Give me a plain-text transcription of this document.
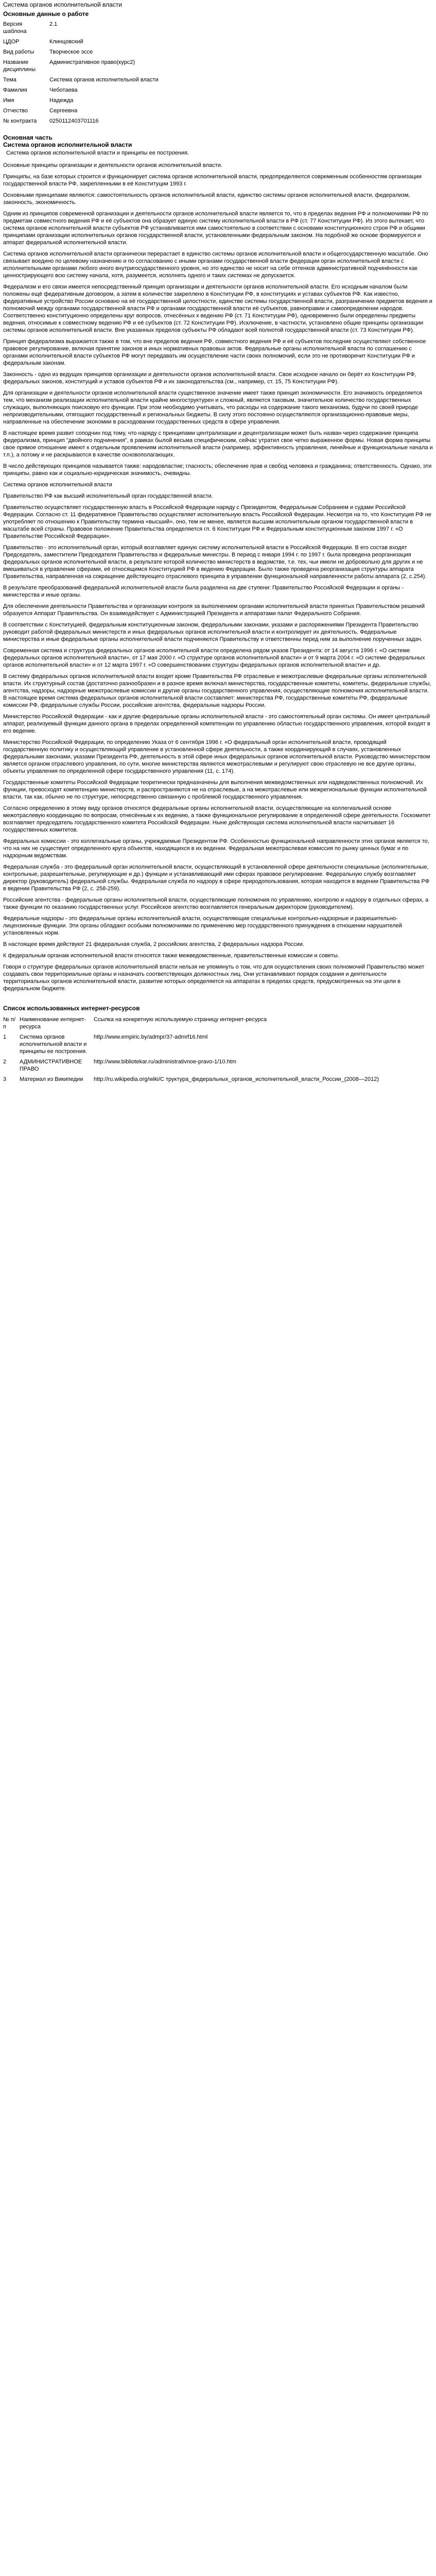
Система органов исполнительной власти
Основные данные о работе
Версия шаблона	2.1
ЦДОР	Клинцовский
Вид работы	Творческое эссе
Название дисциплины	Административное право(курс2)
Тема	Система органов исполнительной власти
Фамилия	Чеботаева
Имя	Надежда
Отчество	Сергеевна
№ контракта	0250112403701116
Основная часть
Система органов исполнительной власти
Система органов исполнительной власти и принципы ее построения.
Основные принципы организации и деятельности органов исполнительной власти.
Принципы, на базе которых строится и функционирует система органов исполнительной власти, предопределяются современным особенностям организации государственной власти РФ, закрепленными в её Конституции 1993 г.
Основными принципами являются: самостоятельность органов исполнительной власти, единство системы органов исполнительной власти, федерализм, законность, экономичность.
Одним из принципов современной организации и деятельности органов исполнительной власти является то, что в пределах ведения РФ и полномочиями РФ по предметам совместного ведения РФ и её субъектов она образует единую систему исполнительной власти в РФ (ст. 77 Конституции РФ). Из этого вытекает, что система органов исполнительной власти субъектов РФ устанавливается ими самостоятельно в соответствии с основами конституционного строя РФ и общими принципами организации исполнительных органов государственной власти, установленными федеральным законом. На подобной же основе формируются и аппарат федеральной исполнительной власти.
Система органов исполнительной власти органически перерастает в единство системы органов исполнительной власти и общегосударственную масштабе. Оно связывает воедино по целевому назначению и по согласованию с иными органами государственной власти федерации орган исполнительной власти с исполнительными органами любого иного внутригосударственного уровня, но это единство не носит на себе оттенков административной подчинённости как ценнострирующего всю систему начала, хотя, разумеется, исполнять одного и таких системах не допускается.
Федерализм и его связи имеется непосредственный принцип организации и деятельности органов исполнительной власти. Его исходным началом были положены ещё федеративным договором, а затем в количестве закреплено в Конституции РФ, в конституциях и уставах субъектов РФ. Как известно, федеративные устройство России основано на её государственной целостности, единстве системы государственной власти, разграничении предметов ведения и полномочий между органами государственной власти РФ и органами государственной власти её субъектов, равноправии и самоопределении народов. Соответственно конституционно определены круг вопросов, отнесённых к ведению РФ (ст. 71 Конституции РФ), одновременно были определены предметы ведения, относимые к совместному ведению РФ и её субъектов (ст. 72 Конституции РФ). Исключение, в частности, установлено общие принципы организации системы органов исполнительной власти. Вне указанных пределов субъекты РФ обладают всей полнотой государственной власти (ст. 73 Конституции РФ).
Принцип федерализма выражается также в том, что вне пределов ведения РФ, совместного ведения РФ и её субъектов последние осуществляют собственное правовое регулирование, включая принятие законов и иных нормативных правовых актов. Федеральные органы исполнительной власти по соглашению с органами исполнительной власти субъектов РФ могут передавать им осуществление части своих полномочий, если это не противоречит Конституции РФ и федеральным законам.
Законность - одно из ведущих принципов организации и деятельности органов исполнительной власти. Свое исходное начало он берёт из Конституции РФ, федеральных законов, конституций и уставов субъектов РФ и их законодательства (см., например, ст. 15, 75 Конституции РФ).
Для организации и деятельности органов исполнительной власти существенное значение имеет также принцип экономичности. Его значимость определяется тем, что механизм реализации исполнительной власти крайне многоструктурен и сложный, является таковым, значительное количество государственных служащих, выполняющих поисковую его функции. При этом необходимо учитывать, что расходы на содержание такого механизма, будучи по своей природе непроизводительными, отягощают государственный и региональных бюджеты. В силу этого постоянно осуществляются организационно-правовые меры, направленные на обеспечение экономии в расходовании государственных средств в сфере управления.
В настоящее время развит соподчин под тому, что наряду с принципами централизации и децентрализации может быть назван через содержание принципа федерализма, принцип "двойного подчинения", в рамках былой весьма специфическим, сейчас утратил свое четко выраженное формы. Новая форма принципы свое прямое отношение имеют к отдельным проявлениям исполнительной власти (например, эффективность управления, линейные и функциональные начала и т.п.), а потому и не раскрываются в качестве основополагающих.
В число действующих принципов называется также: народовластие; гласность; обеспечение прав и свобод человека и гражданина; ответственность. Однако, эти принципы, равно как и социально-юридическая значимость, очевидны.
Система органов исполнительной власти
Правительство РФ как высший исполнительный орган государственной власти.
Правительство осуществляет государственную власть в Российской Федерации наряду с Президентом, Федеральным Собранием и судами Российской Федерации. Согласно ст. 11 федеративное Правительство осуществляет исполнительную власть Российской Федерации. Несмотря на то, что Конституция РФ не употребляет по отношению к Правительству термина «высший», оно, тем не менее, является высшим исполнительным органом государственной власти в масштабе всей страны. Правовое положение Правительства определяется гл. 6 Конституции РФ и Федеральным конституционным законом 1997 г. «О Правительстве Российской Федерации».
Правительство - это исполнительный орган, который возглавляет единую систему исполнительной власти в Российской Федерации. В его состав входят Председатель, заместители Председателя Правительства и федеральные министры. В период с января 1994 г. по 1997 г. была проведена реорганизация федеральных органов исполнительной власти, в результате которой количество министерств в ведомстве, т.е. тех, чьи имели не добровольно для других и не вмешиваться в управление сферами, её относящимся Конституцией РФ в ведению Федерации. Было также проведена реорганизация структуры аппарата Правительства, направленная на сокращение действующего отраслевого принципа в управлении функциональной направленности работы аппарата (2, с.254).
В результате преобразований федеральной исполнительной власти была разделена на две ступени: Правительство Российской Федерации и органы - министерства и иные органы.
Для обеспечения деятельности Правительства и организации контроля за выполнением органами исполнительной власти принятых Правительством решений образуется Аппарат Правительства. Он взаимодействует с Администрацией Президента и аппаратами палат Федерального Собрания.
В соответствии с Конституцией, федеральным конституционным законом, федеральными законами, указами и распоряжениями Президента Правительство руководит работой федеральных министерств и иных федеральных органов исполнительной власти и контролирует их деятельность. Федеральные министерства и иные федеральные органы исполнительной власти подчиняются Правительству и ответственны перед ним за выполнение порученных задач.
Современная система и структура федеральных органов исполнительной власти определена рядом указов Президента: от 14 августа 1996 г. «О системе федеральных органов исполнительной власти», от 17 мая 2000 г. «О структуре органов исполнительной власти» и от 9 марта 2004 г. «О системе федеральных органов исполнительной власти» и от 12 марта 1997 г. «О совершенствовании структуры федеральных органов исполнительной власти» и др.
В систему федеральных органов исполнительной власти входят кроме Правительства РФ отраслевые и межотраслевые федеральные органы исполнительной власти. Их структурный состав (достаточно разнообразен и в разное время включал министерства, государственные комитеты, комитеты, федеральные службы, агентства, надзоры, надзорные межотраслевые комиссии и другие органы государственного управления, осуществляющие полномочия исполнительной власти. В настоящее время система федеральных органов исполнительной власти составляет: министерства РФ, государственные комитеты РФ, федеральные комиссии РФ, федеральные службы России, российские агентства, федеральные надзоры России.
Министерство Российской Федерации - как и другие федеральные органы исполнительной власти - это самостоятельный орган системы. Он имеет центральный аппарат, реализуемый функции данного органа в пределах определенной компетенции по управлению областью государственного управления, которой входят в его ведение.
Министерство Российской Федерации, по определению Указа от 6 сентября 1996 г. «О федеральный орган исполнительной власти, проводящий государственную политику и осуществляющий управление в установленной сфере деятельности, а также координирующий в случаях, установленных федеральными законами, указами Президента РФ, деятельность в этой сфере иных федеральных органов исполнительной власти. Руководство министерством является органом отраслевого управления, по сути, многие министерства являются межотраслевыми и регулируют свою отраслевую не все другие органы, объекты управления по определенной сфере государственного управления (11, с. 174).
Государственные комитеты Российской Федерации теоретически предназначены для выполнения межведомственных или надведомственных полномочий. Их функции, превосходят компетенцию министерств, и распространяются не на отраслевые, а на межотраслевые или межрегиональные функции исполнительной власти, так как, обычно не по структуре, непосредственно связанную с проблемой государственного управления.
Согласно определению в этому виду органов относятся федеральные органы исполнительной власти, осуществляющие на коллегиальной основе межотраслевую координацию по вопросам, отнесённым к их ведению, а также функциональное регулирование в определенной сфере деятельности. Госкомитет возглавляет председатель государственного комитета Российской Федерации. Ныне действующая система исполнительной власти насчитывает 16 государственных комитетов.
Федеральных комиссии - это коллегиальные органы, учреждаемые Президентом РФ. Особенностью функциональной направленности этих органов является то, что на них не существует определенного круга объектов, находящихся в их ведении. Федеральная межотраслевая комиссия по рынку ценных бумаг и по надзорным ведомствам.
Федеральная служба - это федеральный орган исполнительной власти, осуществляющий в установленной сфере деятельности специальные (исполнительные, контрольные, разрешительные, регулирующие и др.) функции и устанавливающий ими сферах правовое регулирование. Федеральную службу возглавляет директор (руководитель) федеральной службы. Федеральная служба по надзору в сфере природопользования, которая находится в ведении Правительства РФ в ведении Правительства РФ (2, с. 258-259).
Российские агентства - федеральные органы исполнительной власти, осуществляющие полномочия по управлению, контролю и надзору в отдельных сферах, а также функции по оказанию государственных услуг. Российское агентство возглавляется генеральным директором (руководителем).
Федеральные надзоры - это федеральные органы исполнительной власти, осуществляющие специальные контрольно-надзорные и разрешительно-лицензионные функции. Эти органы обладают особыми полномочиями по применению мер государственного принуждения в отношении нарушителей установленных норм.
В настоящее время действуют 21 федеральная служба, 2 российских агентства, 2 федеральных надзора России.
К федеральным органам исполнительной власти относятся также межведомственные, правительственные комиссии и советы.
Говоря о структуре федеральных органов исполнительной власти нельзя не упомянуть о том, что для осуществления своих полномочий Правительство может создавать свои территориальные органы и назначать соответствующих должностных лиц. Они устанавливают порядок создания и деятельности территориальных органов исполнительной власти, развитие которых определяется на аппаратах в пределах средств, предусмотренных на эти цели в федеральном бюджете.
Список использованных интернет-ресурсов
№ п/п	Наименование интернет-ресурса	Ссылка на конкретную используемую страницу интернет-ресурса
1	Система органов исполнительной власти и принципы ее построения.	http://www.empiric.by/admpr/37-admrf16.html
2	АДМИНИСТРАТИВНОЕ ПРАВО	http://www.bibliotekar.ru/administrativnoe-pravo-1/10.htm
3	Материал из Википедии	http://ru.wikipedia.org/wiki/С труктура_федеральных_органов_исполнительной_власти_России_(2008—2012)
